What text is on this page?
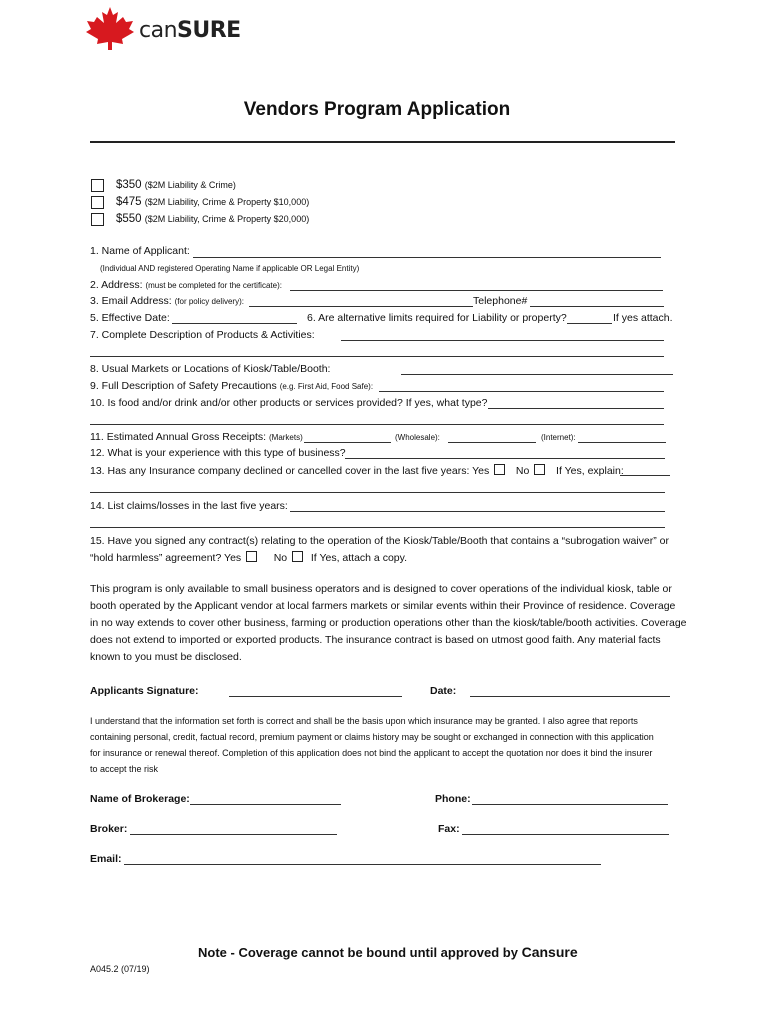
canSURE
Vendors Program Application
$350 ($2M Liability & Crime)
$475 ($2M Liability, Crime & Property $10,000)
$550 ($2M Liability, Crime & Property $20,000)
1. Name of Applicant:
(Individual AND registered Operating Name if applicable OR Legal Entity)
2. Address: (must be completed for the certificate):
3. Email Address: (for policy delivery):	Telephone#
5. Effective Date:	6. Are alternative limits required for Liability or property?	If yes attach.
7. Complete Description of Products & Activities:
8. Usual Markets or Locations of Kiosk/Table/Booth:
9. Full Description of Safety Precautions (e.g. First Aid, Food Safe):
10. Is food and/or drink and/or other products or services provided? If yes, what type?
11. Estimated Annual Gross Receipts: (Markets)	(Wholesale):	(Internet):
12. What is your experience with this type of business?
13. Has any Insurance company declined or cancelled cover in the last five years: Yes	No	If Yes, explain:
14. List claims/losses in the last five years:
15. Have you signed any contract(s) relating to the operation of the Kiosk/Table/Booth that contains a “subrogation waiver” or
“hold harmless” agreement? Yes	No If Yes, attach a copy.
This program is only available to small business operators and is designed to cover operations of the individual kiosk, table or
booth operated by the Applicant vendor at local farmers markets or similar events within their Province of residence. Coverage
in no way extends to cover other business, farming or production operations other than the kiosk/table/booth activities. Coverage
does not extend to imported or exported products. The insurance contract is based on utmost good faith. Any material facts
known to you must be disclosed.
Applicants Signature:	Date:
I understand that the information set forth is correct and shall be the basis upon which insurance may be granted. I also agree that reports
containing personal, credit, factual record, premium payment or claims history may be sought or exchanged in connection with this application
for insurance or renewal thereof. Completion of this application does not bind the applicant to accept the quotation nor does it bind the insurer
to accept the risk
Name of Brokerage:	Phone:
Broker:	Fax:
Email:
Note - Coverage cannot be bound until approved by Cansure
A045.2 (07/19)
